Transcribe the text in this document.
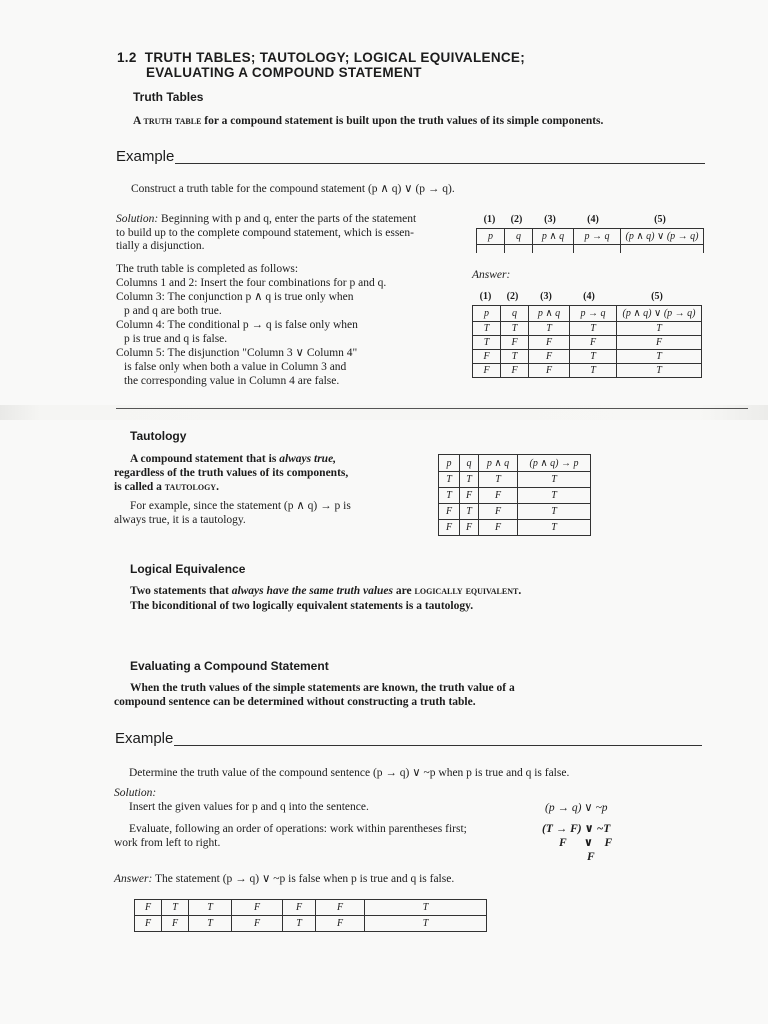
1.2 TRUTH TABLES; TAUTOLOGY; LOGICAL EQUIVALENCE;
EVALUATING A COMPOUND STATEMENT
Truth Tables
A truth table for a compound statement is built upon the truth values of its simple components.
Example
Construct a truth table for the compound statement (p ∧ q) ∨ (p → q).
Solution: Beginning with p and q, enter the parts of the statement
to build up to the complete compound statement, which is essen-
tially a disjunction.
(1)	(2)	(3)	(4)	(5)
p	q	p ∧ q	p → q	(p ∧ q) ∨ (p → q)

The truth table is completed as follows:
Columns 1 and 2: Insert the four combinations for p and q.
Column 3: The conjunction p ∧ q is true only when
p and q are both true.
Column 4: The conditional p → q is false only when
p is true and q is false.
Column 5: The disjunction "Column 3 ∨ Column 4"
is false only when both a value in Column 3 and
the corresponding value in Column 4 are false.
Answer:
(1)	(2)	(3)	(4)	(5)
p	q	p ∧ q	p → q	(p ∧ q) ∨ (p → q)
T	T	T	T	T
T	F	F	F	F
F	T	F	T	T
F	F	F	T	T
Tautology
A compound statement that is always true,
regardless of the truth values of its components,
is called a tautology.
For example, since the statement (p ∧ q) → p is
always true, it is a tautology.
p	q	p ∧ q	(p ∧ q) → p
T	T	T	T
T	F	F	T
F	T	F	T
F	F	F	T
Logical Equivalence
Two statements that always have the same truth values are logically equivalent.
The biconditional of two logically equivalent statements is a tautology.
Evaluating a Compound Statement
When the truth values of the simple statements are known, the truth value of a
compound sentence can be determined without constructing a truth table.
Example
Determine the truth value of the compound sentence (p → q) ∨ ~p when p is true and q is false.
Solution:
Insert the given values for p and q into the sentence.	(p → q) ∨ ~p
Evaluate, following an order of operations: work within parentheses first;
work from left to right.
(T → F) ∨ ~T
F      ∨    F
F
Answer: The statement (p → q) ∨ ~p is false when p is true and q is false.
F	T	T	F	F	F	T
F	F	T	F	T	F	T
